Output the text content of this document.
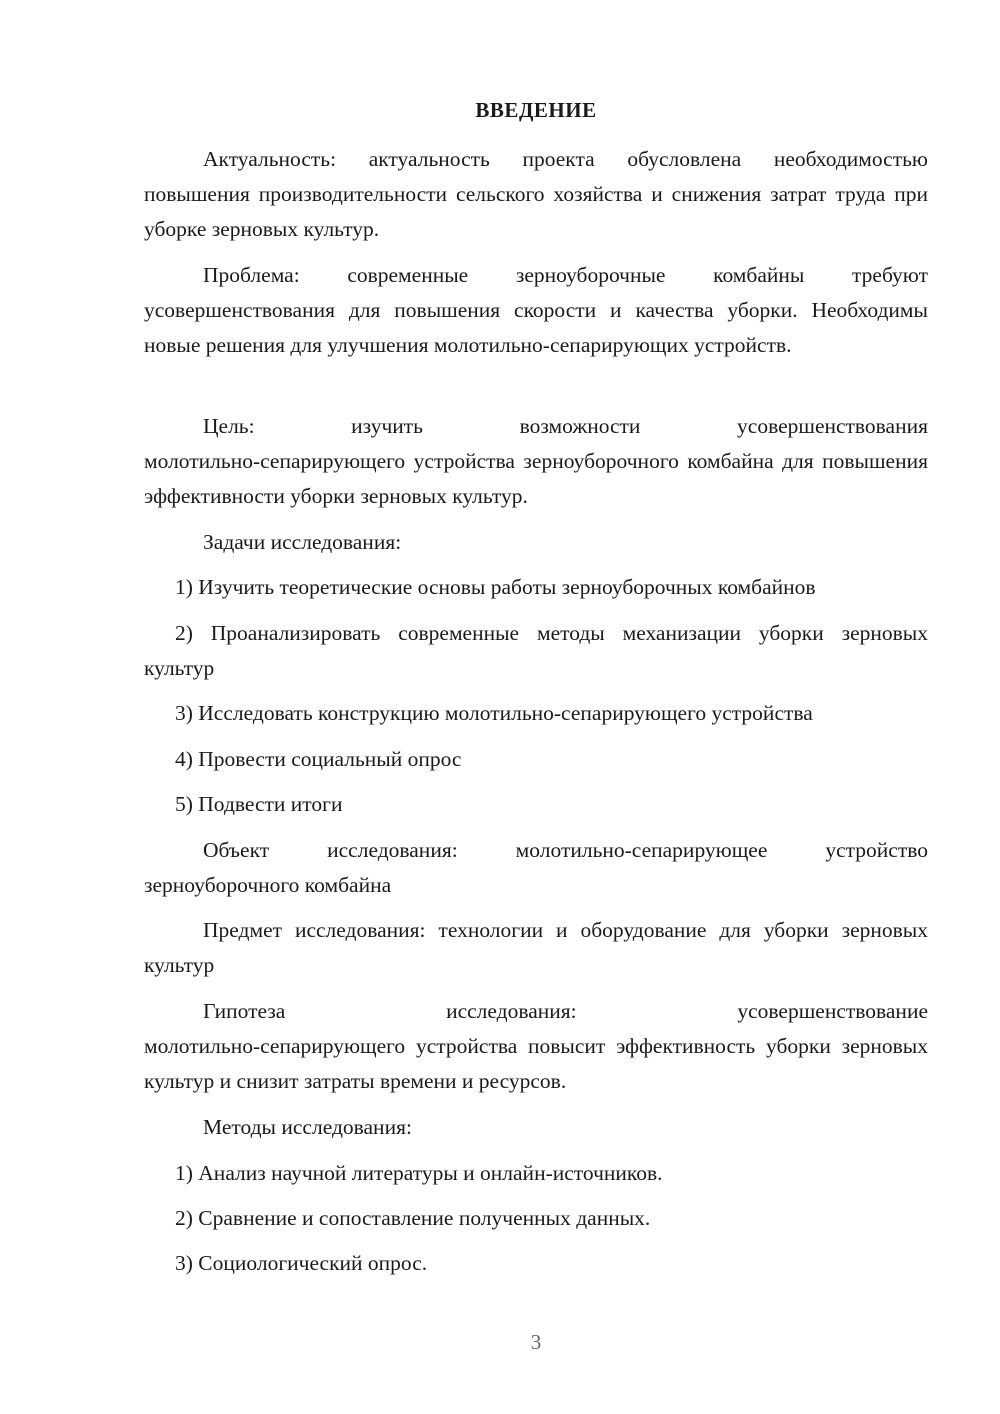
ВВЕДЕНИЕ
Актуальность: актуальность проекта обусловлена необходимостью повышения производительности сельского хозяйства и снижения затрат труда при уборке зерновых культур.
Проблема: современные зерноуборочные комбайны требуют усовершенствования для повышения скорости и качества уборки. Необходимы новые решения для улучшения молотильно-сепарирующих устройств.
Цель: изучить возможности усовершенствования
молотильно-сепарирующего устройства зерноуборочного комбайна для повышения эффективности уборки зерновых культур.
Задачи исследования:
1) Изучить теоретические основы работы зерноуборочных комбайнов
2) Проанализировать современные методы механизации уборки зерновых культур
3) Исследовать конструкцию молотильно-сепарирующего устройства
4) Провести социальный опрос
5) Подвести итоги
Объект исследования: молотильно-сепарирующее устройство зерноуборочного комбайна
Предмет исследования: технологии и оборудование для уборки зерновых культур
Гипотеза исследования: усовершенствование
молотильно-сепарирующего устройства повысит эффективность уборки зерновых культур и снизит затраты времени и ресурсов.
Методы исследования:
1) Анализ научной литературы и онлайн-источников.
2) Сравнение и сопоставление полученных данных.
3) Социологический опрос.
3
